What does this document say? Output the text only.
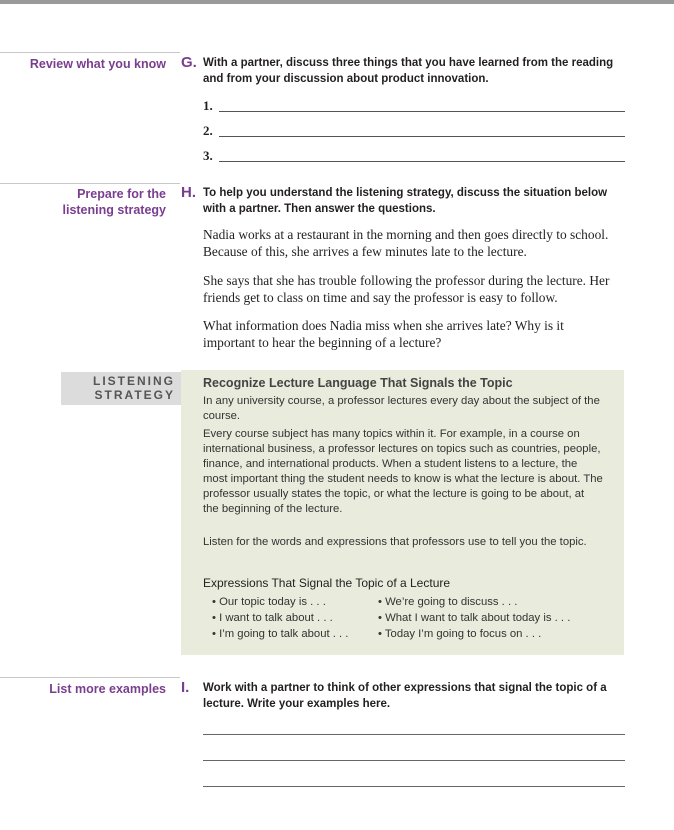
Review what you know G. With a partner, discuss three things that you have learned from the reading and from your discussion about product innovation.
1.
2.
3.
Prepare for the
listening strategy
H. To help you understand the listening strategy, discuss the situation below with a partner. Then answer the questions.
Nadia works at a restaurant in the morning and then goes directly to school. Because of this, she arrives a few minutes late to the lecture.
She says that she has trouble following the professor during the lecture. Her friends get to class on time and say the professor is easy to follow.
What information does Nadia miss when she arrives late? Why is it important to hear the beginning of a lecture?
LISTENING
STRATEGY
Recognize Lecture Language That Signals the Topic
In any university course, a professor lectures every day about the subject of the course.
Every course subject has many topics within it. For example, in a course on international business, a professor lectures on topics such as countries, people, finance, and international products. When a student listens to a lecture, the most important thing the student needs to know is what the lecture is about. The professor usually states the topic, or what the lecture is going to be about, at the beginning of the lecture.
Listen for the words and expressions that professors use to tell you the topic.
Expressions That Signal the Topic of a Lecture
• Our topic today is . . .
• I want to talk about . . .
• I’m going to talk about . . .
• We’re going to discuss . . .
• What I want to talk about today is . . .
• Today I’m going to focus on . . .
List more examples I. Work with a partner to think of other expressions that signal the topic of a lecture. Write your examples here.
